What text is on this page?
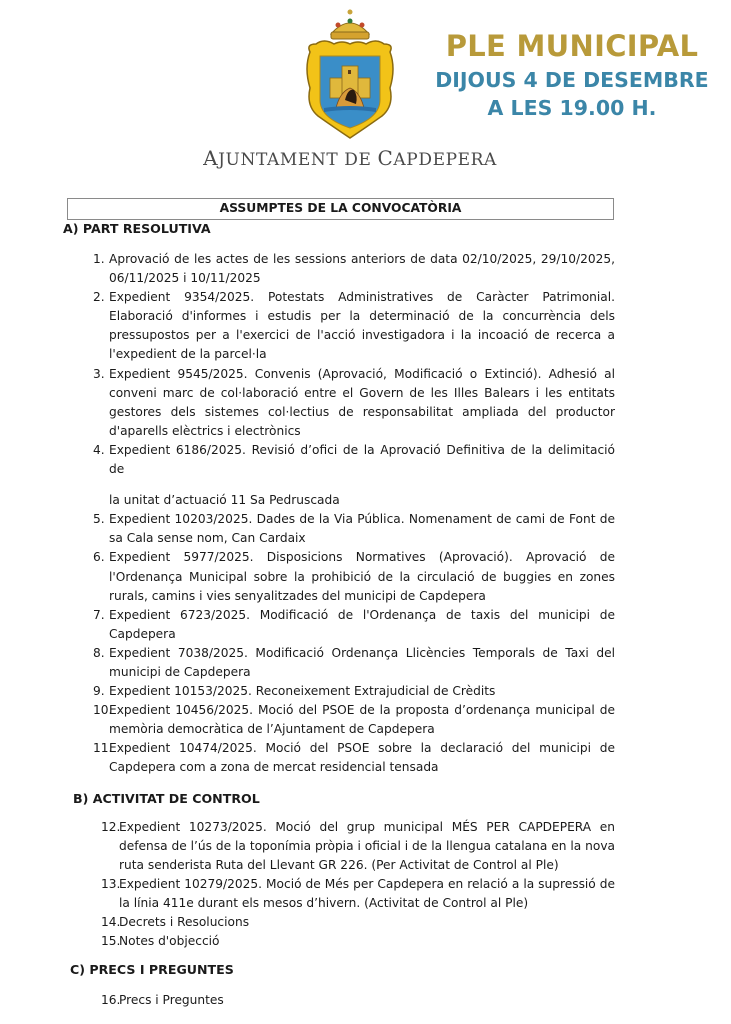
AJUNTAMENT DE CAPDEPERA
PLE MUNICIPAL
DIJOUS 4 DE DESEMBRE
A LES 19.00 H.
ASSUMPTES DE LA CONVOCATÒRIA
A) PART RESOLUTIVA
1. Aprovació de les actes de les sessions anteriors de data 02/10/2025, 29/10/2025, 06/11/2025 i 10/11/2025
2. Expedient 9354/2025. Potestats Administratives de Caràcter Patrimonial. Elaboració d'informes i estudis per la determinació de la concurrència dels pressupostos per a l'exercici de l'acció investigadora i la incoació de recerca a l'expedient de la parcel·la
3. Expedient 9545/2025. Convenis (Aprovació, Modificació o Extinció). Adhesió al conveni marc de col·laboració entre el Govern de les Illes Balears i les entitats gestores dels sistemes col·lectius de responsabilitat ampliada del productor d'aparells elèctrics i electrònics
4. Expedient 6186/2025. Revisió d’ofici de la Aprovació Definitiva de la delimitació de
la unitat d’actuació 11 Sa Pedruscada
5. Expedient 10203/2025. Dades de la Via Pública. Nomenament de cami de Font de sa Cala sense nom, Can Cardaix
6. Expedient 5977/2025. Disposicions Normatives (Aprovació). Aprovació de l'Ordenança Municipal sobre la prohibició de la circulació de buggies en zones rurals, camins i vies senyalitzades del municipi de Capdepera
7. Expedient 6723/2025. Modificació de l'Ordenança de taxis del municipi de Capdepera
8. Expedient 7038/2025. Modificació Ordenança Llicències Temporals de Taxi del municipi de Capdepera
9. Expedient 10153/2025. Reconeixement Extrajudicial de Crèdits
10.
Expedient 10456/2025. Moció del PSOE de la proposta d’ordenança municipal de memòria democràtica de l’Ajuntament de Capdepera
11.
Expedient 10474/2025. Moció del PSOE sobre la declaració del municipi de Capdepera com a zona de mercat residencial tensada
B) ACTIVITAT DE CONTROL
12.
Expedient 10273/2025. Moció del grup municipal MÉS PER CAPDEPERA en defensa de l’ús de la toponímia pròpia i oficial i de la llengua catalana en la nova ruta senderista Ruta del Llevant GR 226. (Per Activitat de Control al Ple)
13.
Expedient 10279/2025. Moció de Més per Capdepera en relació a la supressió de la línia 411e durant els mesos d’hivern. (Activitat de Control al Ple)
14.
Decrets i Resolucions
15.
Notes d'objecció
C) PRECS I PREGUNTES
16.
Precs i Preguntes
